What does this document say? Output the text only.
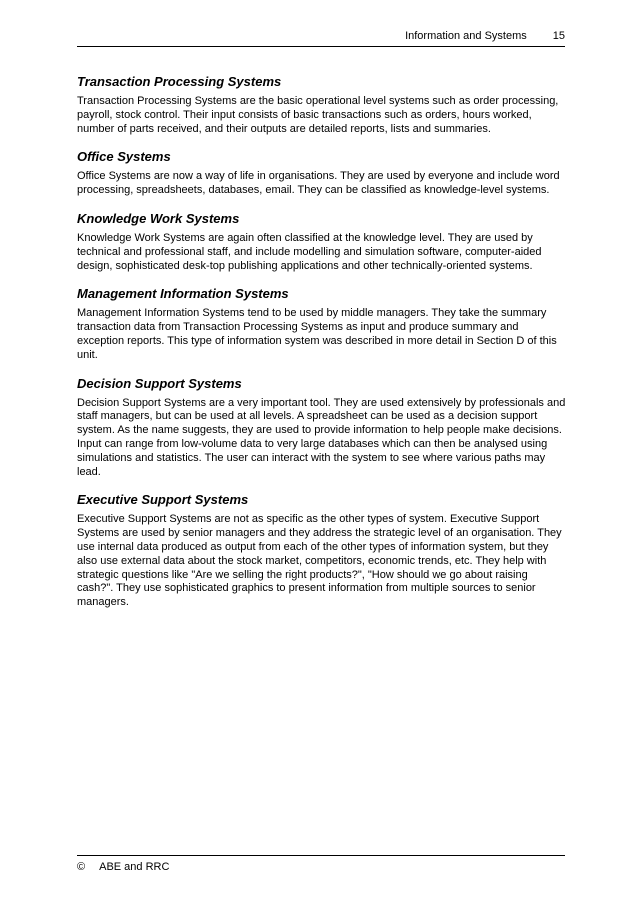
Information and Systems 15
Transaction Processing Systems

Transaction Processing Systems are the basic operational level systems such as order processing, payroll, stock control. Their input consists of basic transactions such as orders, hours worked, number of parts received, and their outputs are detailed reports, lists and summaries.

Office Systems

Office Systems are now a way of life in organisations. They are used by everyone and include word processing, spreadsheets, databases, email. They can be classified as knowledge-level systems.

Knowledge Work Systems

Knowledge Work Systems are again often classified at the knowledge level. They are used by technical and professional staff, and include modelling and simulation software, computer-aided design, sophisticated desk-top publishing applications and other technically-oriented systems.

Management Information Systems

Management Information Systems tend to be used by middle managers. They take the summary transaction data from Transaction Processing Systems as input and produce summary and exception reports. This type of information system was described in more detail in Section D of this unit.

Decision Support Systems

Decision Support Systems are a very important tool. They are used extensively by professionals and staff managers, but can be used at all levels. A spreadsheet can be used as a decision support system. As the name suggests, they are used to provide information to help people make decisions. Input can range from low-volume data to very large databases which can then be analysed using simulations and statistics. The user can interact with the system to see where various paths may lead.

Executive Support Systems

Executive Support Systems are not as specific as the other types of system. Executive Support Systems are used by senior managers and they address the strategic level of an organisation. They use internal data produced as output from each of the other types of information system, but they also use external data about the stock market, competitors, economic trends, etc. They help with strategic questions like "Are we selling the right products?", "How should we go about raising cash?". They use sophisticated graphics to present information from multiple sources to senior managers.

© ABE and RRC
